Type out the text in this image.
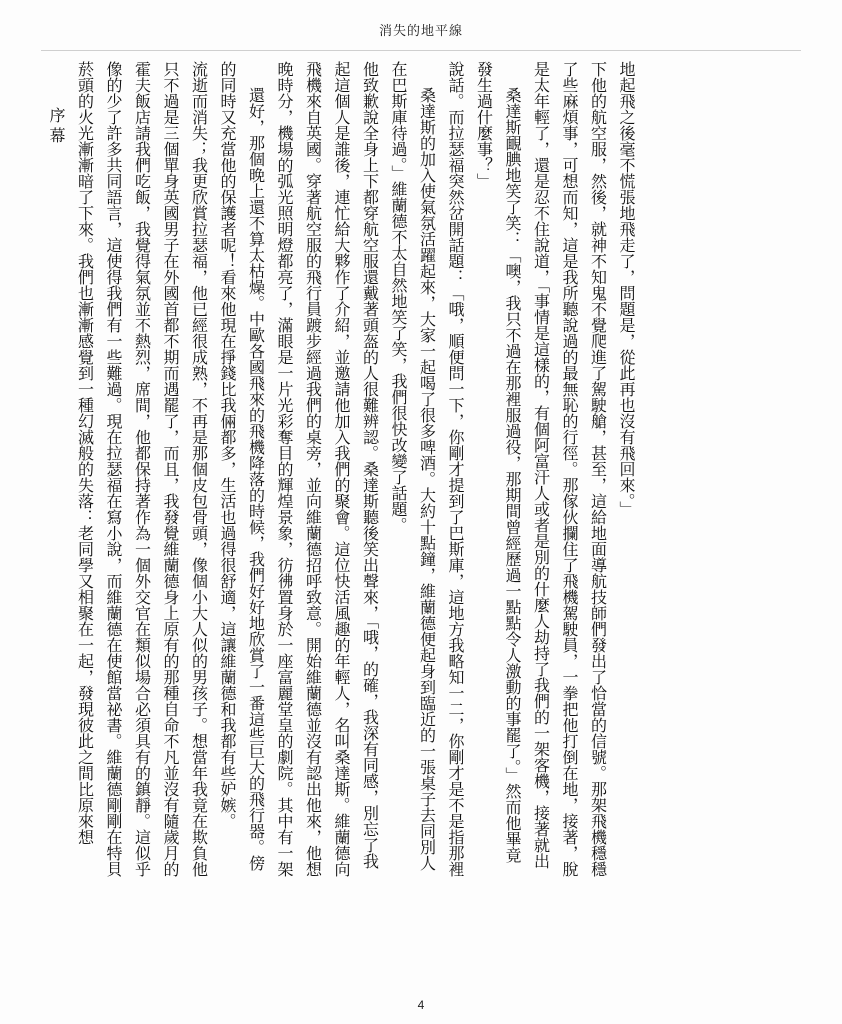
消失的地平線
序幕 菸頭的火光漸漸暗了下來。我們也漸漸感覺到一種幻滅般的失落：老同學又相聚在一起，發現彼此之間比原來想 像的少了許多共同語言，這使得我們有一些難過。現在拉瑟福在寫小說，而維蘭德在使館當祕書。維蘭德剛剛在特貝 霍夫飯店請我們吃飯，我覺得氣氛並不熱烈，席間，他都保持著作為一個外交官在類似場合必須具有的鎮靜。這似乎 只不過是三個單身英國男子在外國首都不期而遇罷了，而且，我發覺維蘭德身上原有的那種自命不凡並沒有隨歲月的 流逝而消失；我更欣賞拉瑟福，他已經很成熟，不再是那個皮包骨頭，像個小大人似的男孩子。想當年我竟在欺負他 的同時又充當他的保護者呢！看來他現在掙錢比我倆都多，生活也過得很舒適，這讓維蘭德和我都有些妒嫉。 還好，那個晚上還不算太枯燥。中歐各國飛來的飛機降落的時候，我們好好地欣賞了一番這些巨大的飛行器。傍 晚時分，機場的弧光照明燈都亮了，滿眼是一片光彩奪目的輝煌景象，彷彿置身於一座富麗堂皇的劇院。其中有一架 飛機來自英國。穿著航空服的飛行員踱步經過我們的桌旁，並向維蘭德招呼致意。開始維蘭德並沒有認出他來，他想 起這個人是誰後，連忙給大夥作了介紹，並邀請他加入我們的聚會。這位快活風趣的年輕人，名叫桑達斯。維蘭德向 他致歉說全身上下都穿航空服還戴著頭盔的人很難辨認。桑達斯聽後笑出聲來，「哦，的確，我深有同感，別忘了我 在巴斯庫待過。」維蘭德不太自然地笑了笑，我們很快改變了話題。 桑達斯的加入使氣氛活躍起來，大家一起喝了很多啤酒。大約十點鐘，維蘭德便起身到臨近的一張桌子去同別人 說話。而拉瑟福突然岔開話題：「哦，順便問一下，你剛才提到了巴斯庫，這地方我略知一二，你剛才是不是指那裡 發生過什麼事？」 桑達斯靦腆地笑了笑：「噢，我只不過在那裡服過役，那期間曾經歷過一點點令人激動的事罷了。」然而他畢竟 是太年輕了，還是忍不住說道，「事情是這樣的，有個阿富汗人或者是別的什麼人劫持了我們的一架客機，接著就出 了些麻煩事，可想而知，這是我所聽說過的最無恥的行徑。那傢伙攔住了飛機駕駛員，一拳把他打倒在地，接著，脫 下他的航空服，然後，就神不知鬼不覺爬進了駕駛艙，甚至，這給地面導航技師們發出了恰當的信號。那架飛機穩穩 地起飛之後毫不慌張地飛走了，問題是，從此再也沒有飛回來。」
4
